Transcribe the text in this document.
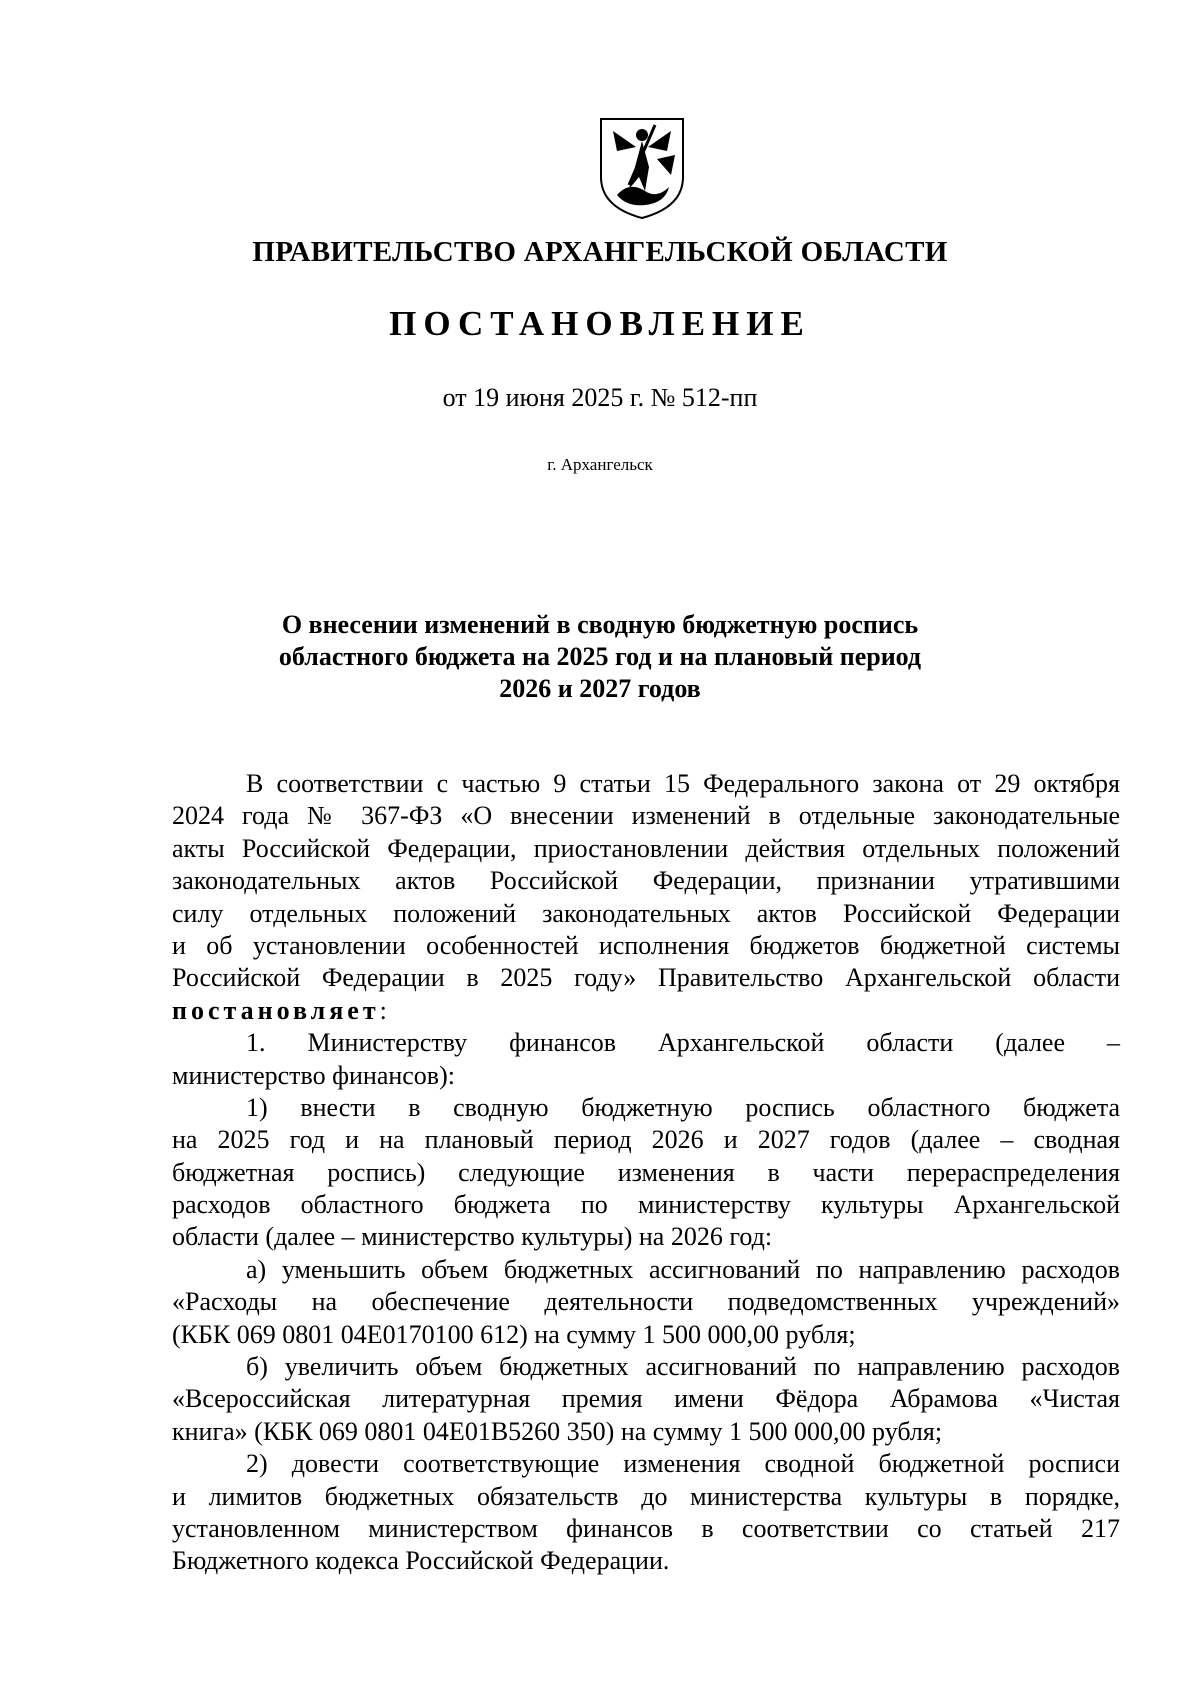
ПРАВИТЕЛЬСТВО АРХАНГЕЛЬСКОЙ ОБЛАСТИ
ПОСТАНОВЛЕНИЕ
от 19 июня 2025 г. № 512-пп
г. Архангельск
О внесении изменений в сводную бюджетную роспись
областного бюджета на 2025 год и на плановый период
2026 и 2027 годов
В соответствии с частью 9 статьи 15 Федерального закона от 29 октября
2024 года № 367-ФЗ «О внесении изменений в отдельные законодательные
акты Российской Федерации, приостановлении действия отдельных положений
законодательных актов Российской Федерации, признании утратившими
силу отдельных положений законодательных актов Российской Федерации
и об установлении особенностей исполнения бюджетов бюджетной системы
Российской Федерации в 2025 году» Правительство Архангельской области
постановляет:
1. Министерству финансов Архангельской области (далее –
министерство финансов):
1) внести в сводную бюджетную роспись областного бюджета
на 2025 год и на плановый период 2026 и 2027 годов (далее – сводная
бюджетная роспись) следующие изменения в части перераспределения
расходов областного бюджета по министерству культуры Архангельской
области (далее – министерство культуры) на 2026 год:
а) уменьшить объем бюджетных ассигнований по направлению расходов
«Расходы на обеспечение деятельности подведомственных учреждений»
(КБК 069 0801 04Е0170100 612) на сумму 1 500 000,00 рубля;
б) увеличить объем бюджетных ассигнований по направлению расходов
«Всероссийская литературная премия имени Фёдора Абрамова «Чистая
книга» (КБК 069 0801 04Е01В5260 350) на сумму 1 500 000,00 рубля;
2) довести соответствующие изменения сводной бюджетной росписи
и лимитов бюджетных обязательств до министерства культуры в порядке,
установленном министерством финансов в соответствии со статьей 217
Бюджетного кодекса Российской Федерации.
